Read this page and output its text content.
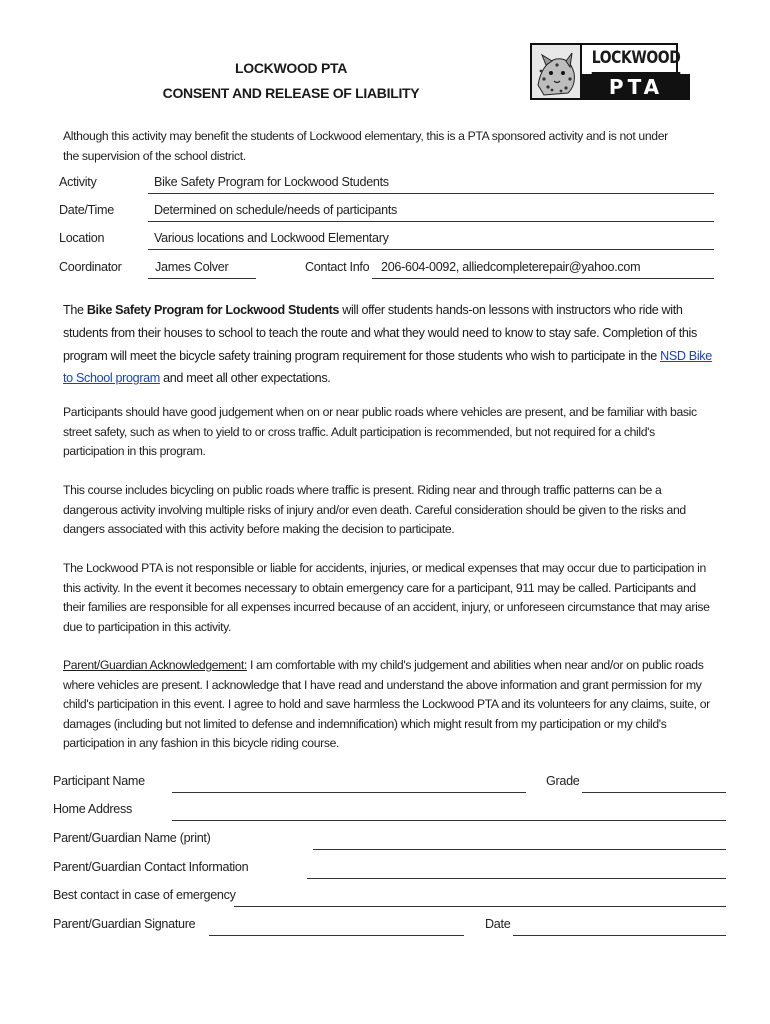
LOCKWOOD PTA
CONSENT AND RELEASE OF LIABILITY
LOCKWOOD
PTA
Although this activity may benefit the students of Lockwood elementary, this is a PTA sponsored activity and is not under the supervision of the school district.
Activity	Bike Safety Program for Lockwood Students
Date/Time	Determined on schedule/needs of participants
Location	Various locations and Lockwood Elementary
Coordinator	James Colver	Contact Info 206-604-0092, alliedcompleterepair@yahoo.com
The Bike Safety Program for Lockwood Students will offer students hands-on lessons with instructors who ride with students from their houses to school to teach the route and what they would need to know to stay safe. Completion of this program will meet the bicycle safety training program requirement for those students who wish to participate in the NSD Bike to School program and meet all other expectations.
Participants should have good judgement when on or near public roads where vehicles are present, and be familiar with basic street safety, such as when to yield to or cross traffic. Adult participation is recommended, but not required for a child's participation in this program.
This course includes bicycling on public roads where traffic is present. Riding near and through traffic patterns can be a dangerous activity involving multiple risks of injury and/or even death. Careful consideration should be given to the risks and dangers associated with this activity before making the decision to participate.
The Lockwood PTA is not responsible or liable for accidents, injuries, or medical expenses that may occur due to participation in this activity. In the event it becomes necessary to obtain emergency care for a participant, 911 may be called. Participants and their families are responsible for all expenses incurred because of an accident, injury, or unforeseen circumstance that may arise due to participation in this activity.
Parent/Guardian Acknowledgement: I am comfortable with my child's judgement and abilities when near and/or on public roads where vehicles are present. I acknowledge that I have read and understand the above information and grant permission for my child's participation in this event. I agree to hold and save harmless the Lockwood PTA and its volunteers for any claims, suite, or damages (including but not limited to defense and indemnification) which might result from my participation or my child's participation in any fashion in this bicycle riding course.
Participant Name	Grade
Home Address
Parent/Guardian Name (print)
Parent/Guardian Contact Information
Best contact in case of emergency
Parent/Guardian Signature	Date
